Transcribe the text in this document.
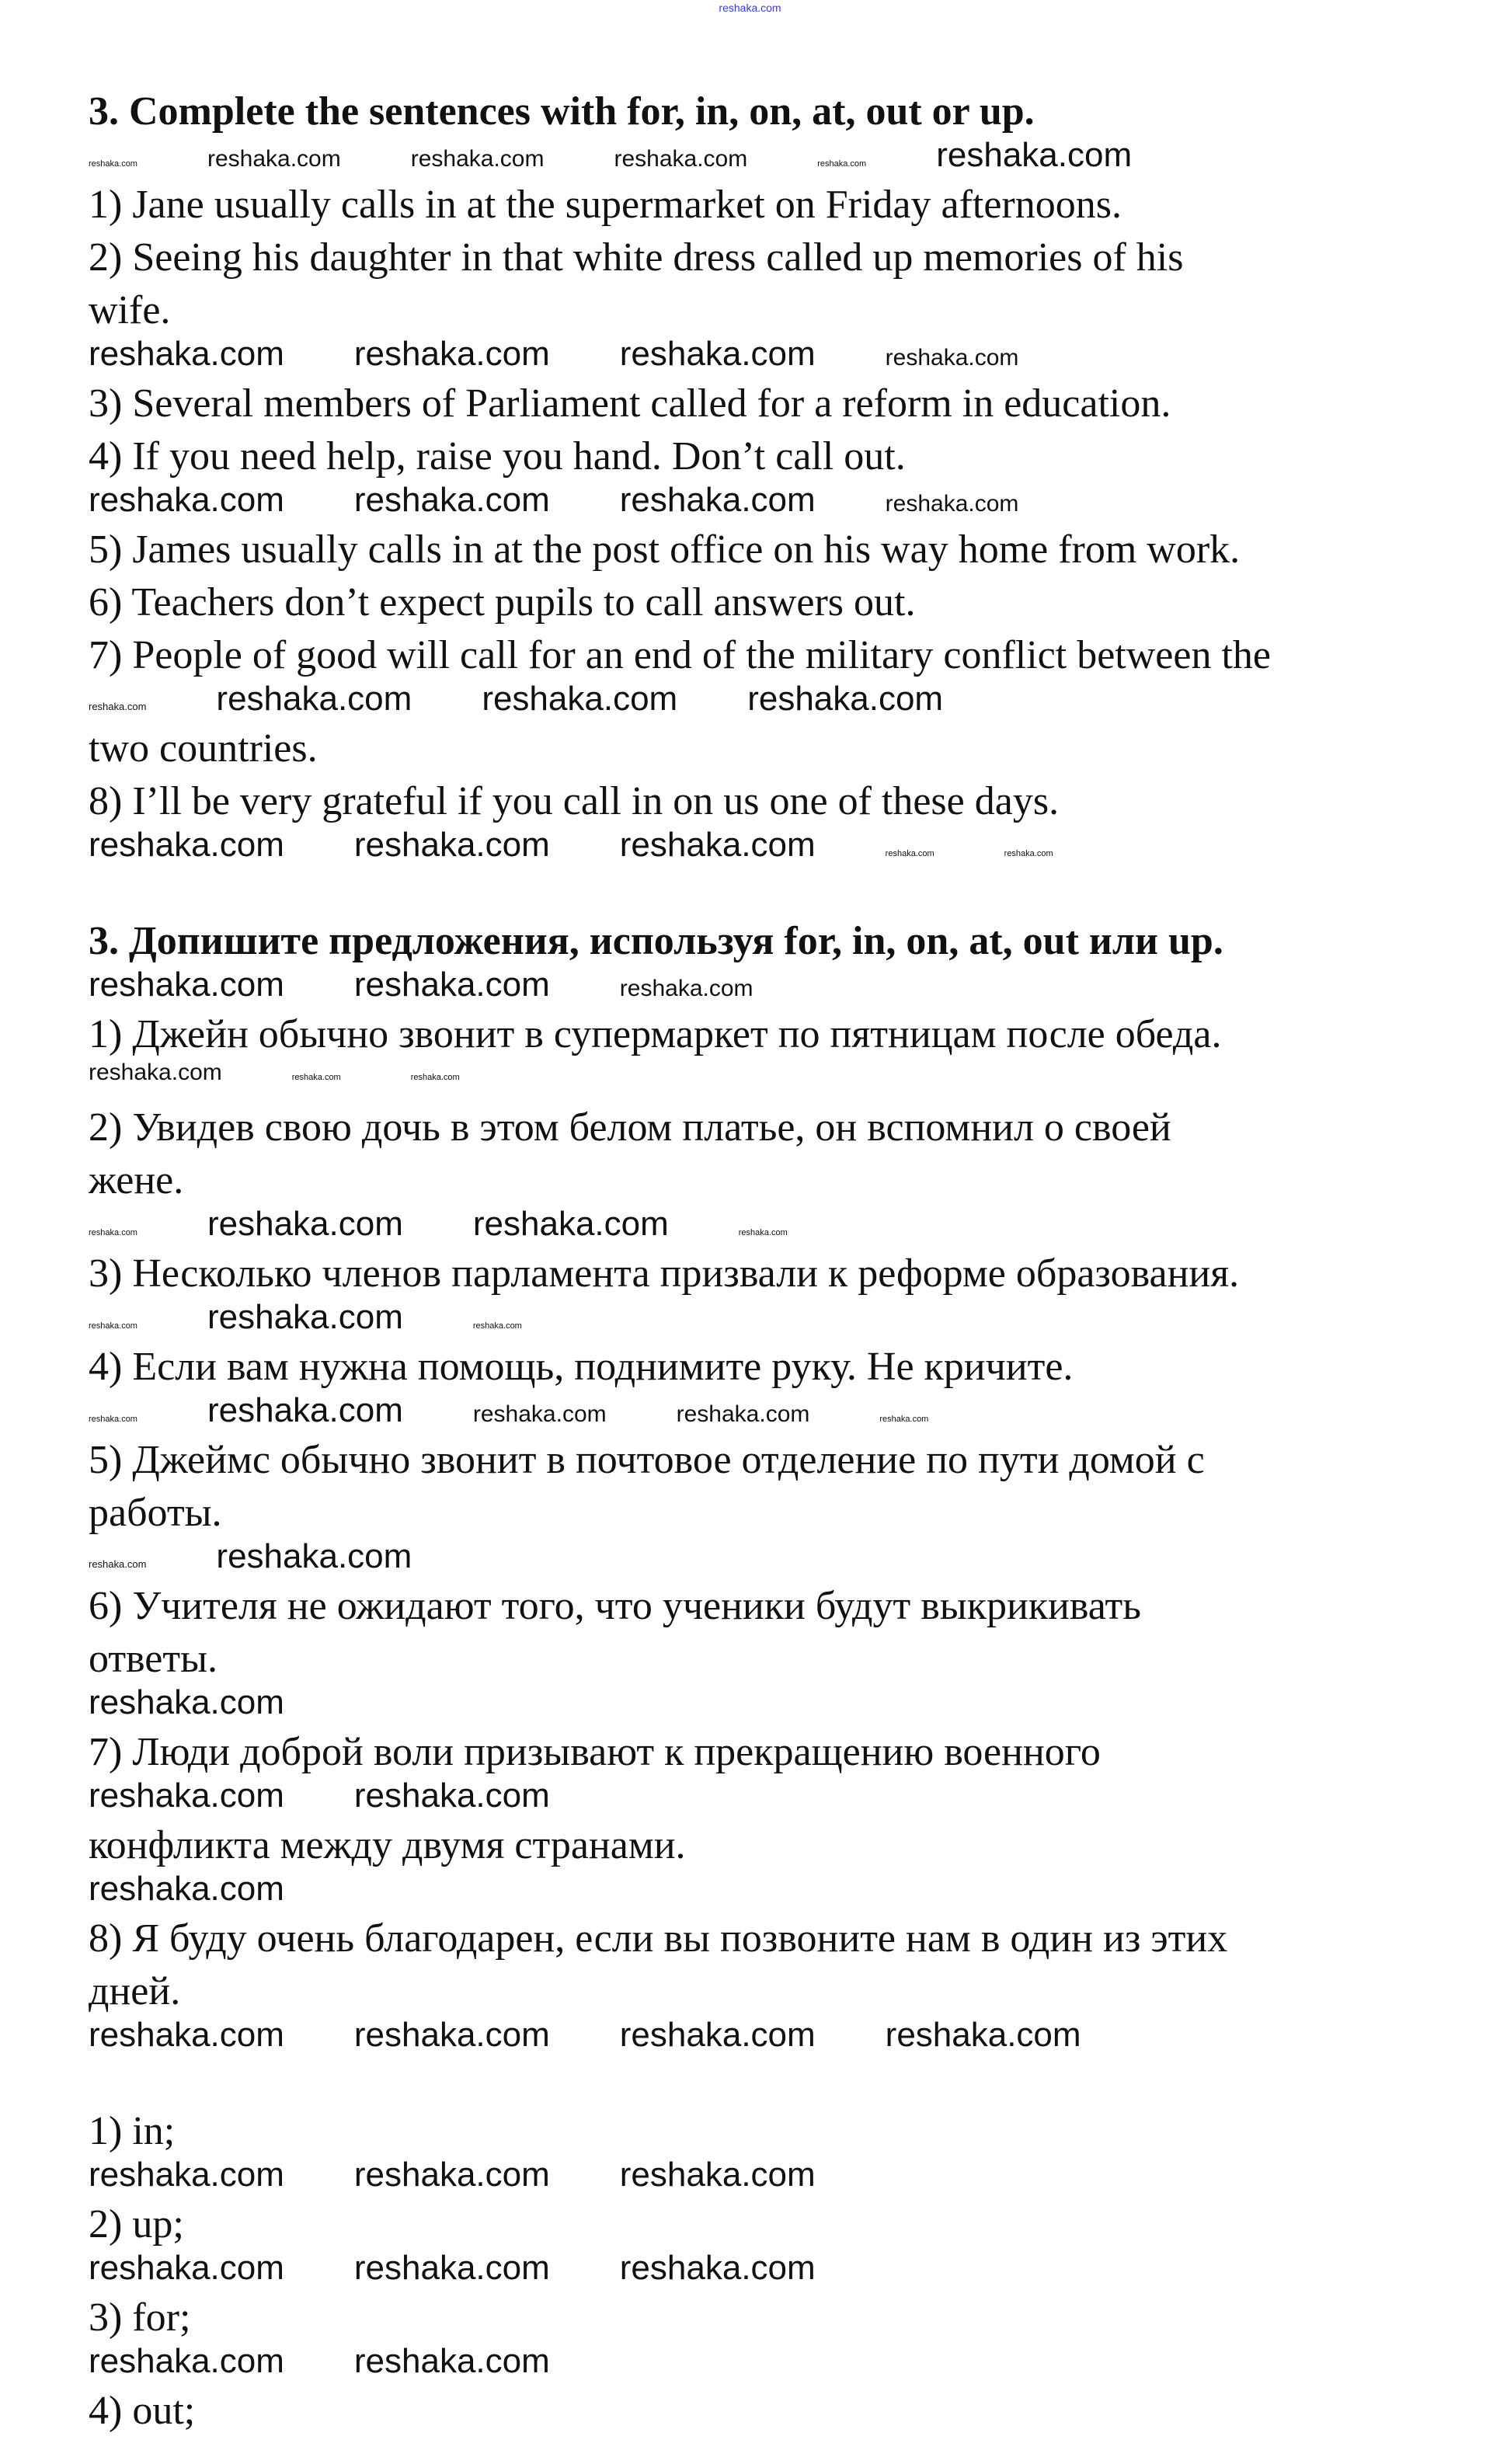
reshaka.com
3. Complete the sentences with for, in, on, at, out or up.
reshaka.com	reshaka.com	reshaka.com	reshaka.com	reshaka.com reshaka.com
1) Jane usually calls in at the supermarket on Friday afternoons.
2) Seeing his daughter in that white dress called up memories of his
wife.
reshaka.com reshaka.com reshaka.com	reshaka.com
3) Several members of Parliament called for a reform in education.
4) If you need help, raise you hand. Don’t call out.
reshaka.com reshaka.com reshaka.com	reshaka.com
5) James usually calls in at the post office on his way home from work.
6) Teachers don’t expect pupils to call answers out.
7) People of good will call for an end of the military conflict between the
reshaka.com reshaka.com reshaka.com reshaka.com
two countries.
8) I’ll be very grateful if you call in on us one of these days.
reshaka.com reshaka.com reshaka.com	reshaka.com	reshaka.com
3. Допишите предложения, используя for, in, on, at, out или up.
reshaka.com reshaka.com	reshaka.com
1) Джейн обычно звонит в супермаркет по пятницам после обеда.
reshaka.com	reshaka.com	reshaka.com
2) Увидев свою дочь в этом белом платье, он вспомнил о своей
жене.
reshaka.com reshaka.com reshaka.com	reshaka.com
3) Несколько членов парламента призвали к реформе образования.
reshaka.com reshaka.com	reshaka.com
4) Если вам нужна помощь, поднимите руку. Не кричите.
reshaka.com reshaka.com	reshaka.com	reshaka.com	reshaka.com
5) Джеймс обычно звонит в почтовое отделение по пути домой с
работы.
reshaka.com reshaka.com
6) Учителя не ожидают того, что ученики будут выкрикивать
ответы.
reshaka.com
7) Люди доброй воли призывают к прекращению военного
reshaka.com reshaka.com
конфликта между двумя странами.
reshaka.com
8) Я буду очень благодарен, если вы позвоните нам в один из этих
дней.
reshaka.com reshaka.com reshaka.com reshaka.com
1) in;
reshaka.com reshaka.com reshaka.com
2) up;
reshaka.com reshaka.com reshaka.com
3) for;
reshaka.com reshaka.com
4) out;
